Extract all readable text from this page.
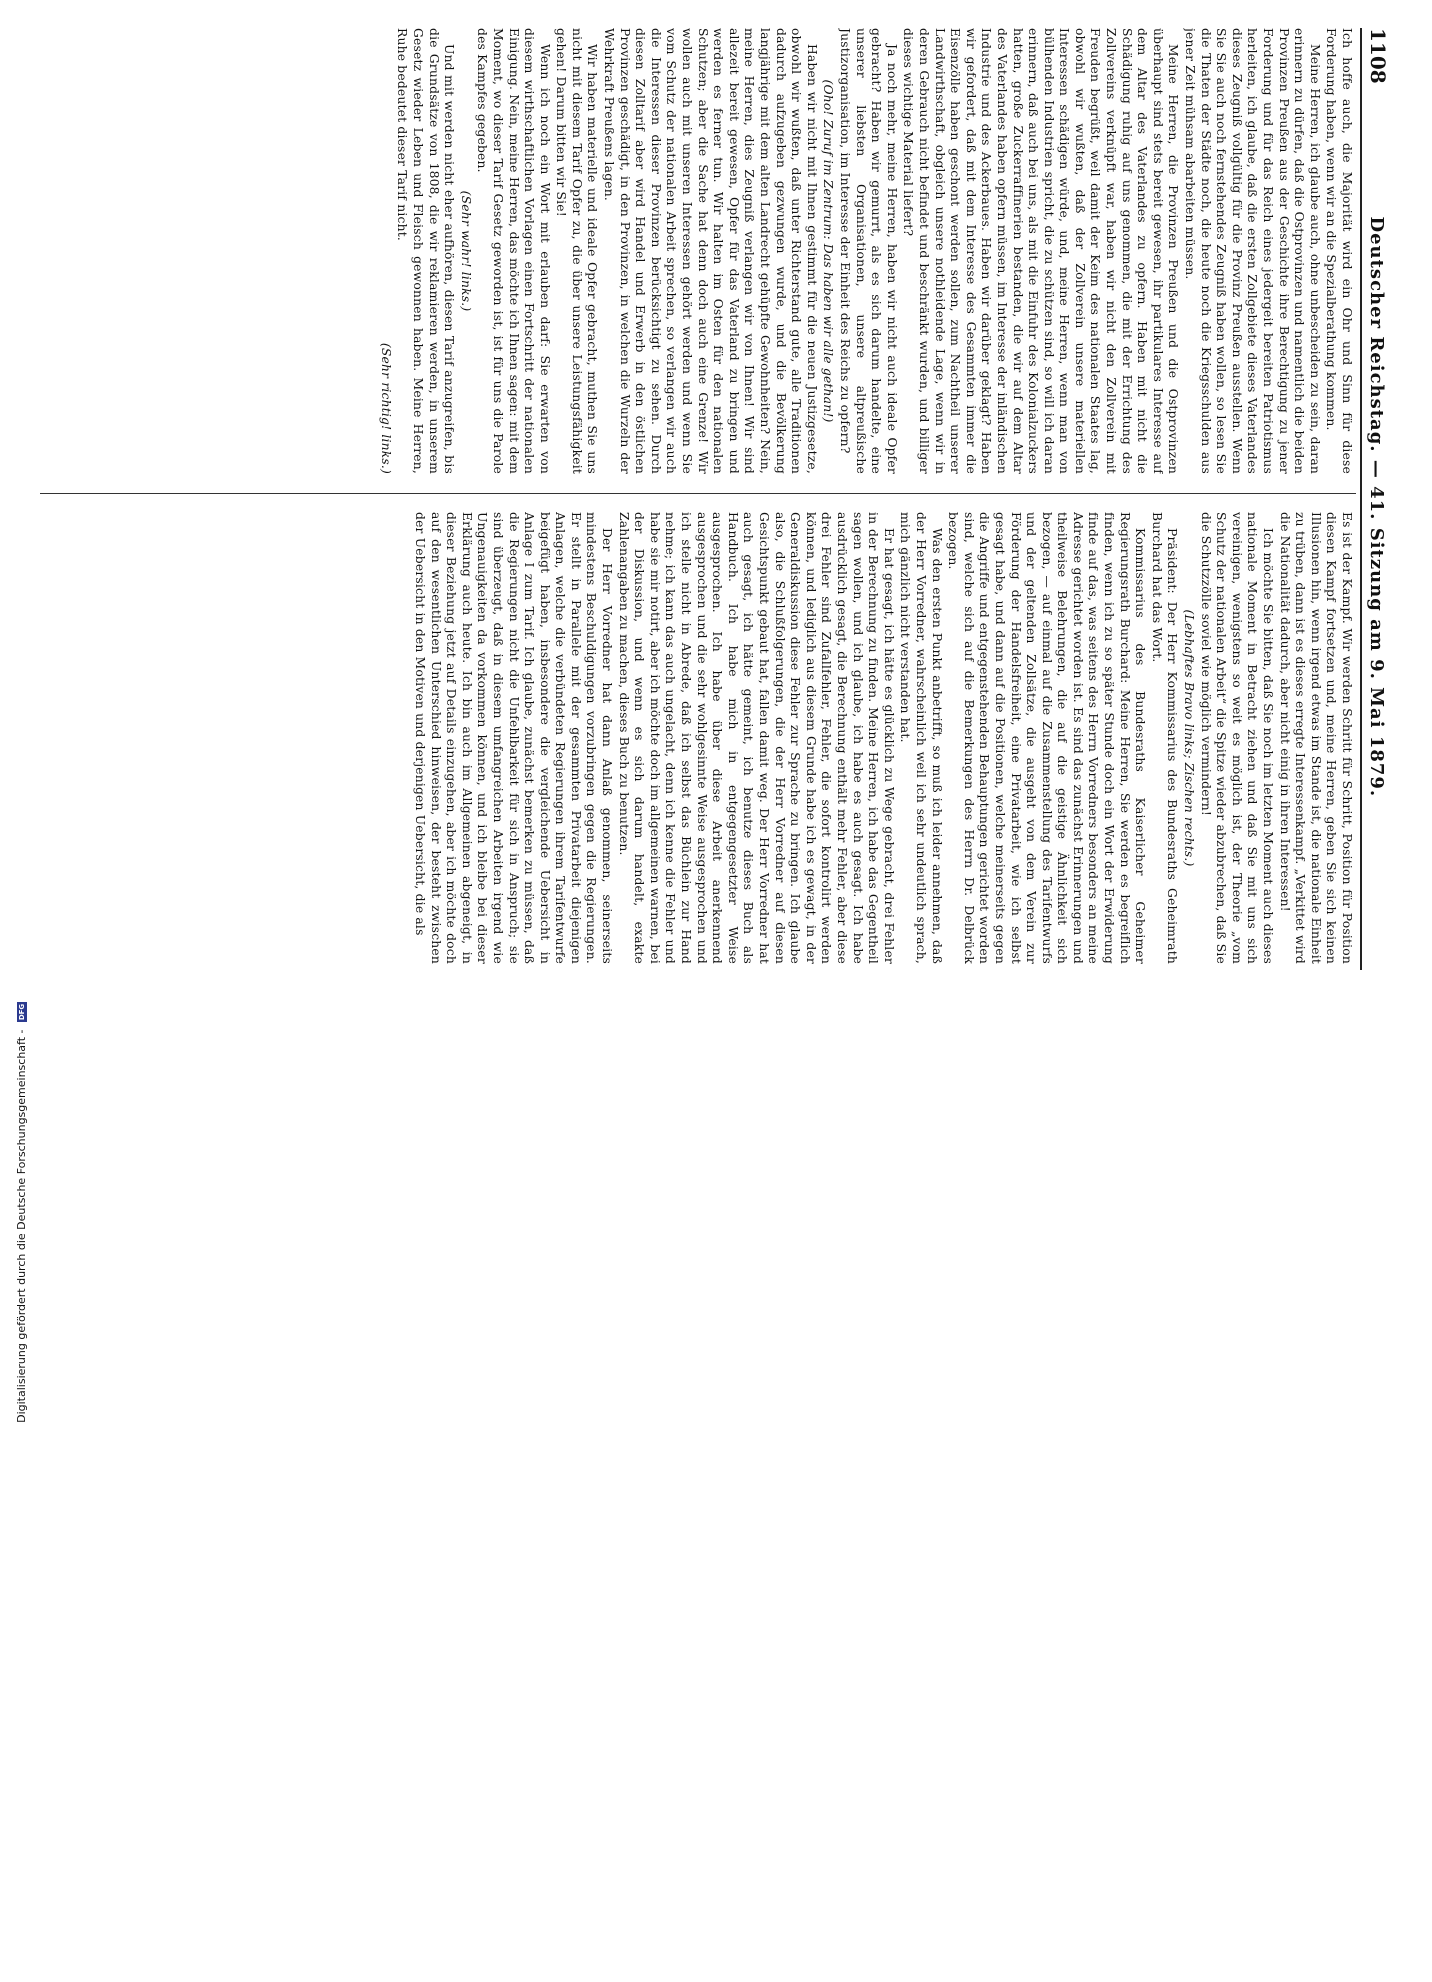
1108
Deutscher Reichstag. — 41. Sitzung am 9. Mai 1879.

Ich hoffe auch, die Majorität wird ein Ohr und Sinn für diese Forderung haben, wenn wir an die Spezialberathung kommen.

Meine Herren, ich glaube auch, ohne unbescheiden zu sein, daran erinnern zu dürfen, daß die Ostprovinzen und namentlich die beiden Provinzen Preußen aus der Geschichte ihre Berechtigung zu jener Forderung und für das Reich eines jedergeit bereiten Patriotismus herleiten, ich glaube, daß die ersten Zollgebiete dieses Vaterlandes dieses Zeugniß vollgültig für die Provinz Preußen ausstellen. Wenn Sie Sie auch noch fernstehendes Zeugniß haben wollen, so lesen Sie die Thaten der Städte noch, die heute noch die Kriegsschulden aus jener Zeit mühsam abarbeiten müssen.

Meine Herren, die Provinzen Preußen und die Ostprovinzen überhaupt sind stets bereit gewesen, ihr partikulares Interesse auf dem Altar des Vaterlandes zu opfern. Haben mit nicht die Schädigung ruhig auf uns genommen, die mit der Errichtung des Zollvereins verknüpft war, haben wir nicht den Zollverein mit Freuden begrüßt, weil damit der Keim des nationalen Staates lag, obwohl wir wußten, daß der Zollverein unsere materiellen Interessen schädigen würde, und, meine Herren, wenn man von bülhenden Industrien spricht, die zu schützen sind, so will ich daran erinnern, daß auch bei uns, als mit die Einfuhr des Kolonialzuckers hatten, große Zuckerraffinerien bestanden, die wir auf dem Altar des Vaterlandes haben opfern müssen, im Interesse der inländischen Industrie und des Ackerbaues. Haben wir darüber geklagt? Haben wir gefordert, daß mit dem Interesse des Gesammten immer die Eisenzölle haben geschont werden sollen, zum Nachtheil unserer Landwirthschaft, obgleich unsere nothleidende Lage, wenn wir in deren Gebrauch nicht befindet und beschränkt wurden, und billiger dieses wichtige Material liefert?

Ja noch mehr, meine Herren, haben wir nicht auch ideale Opfer gebracht? Haben wir gemurrt, als es sich darum handelte, eine unserer liebsten Organisationen, unsere altpreußische Justizorganisation, im Interesse der Einheit des Reichs zu opfern?

(Oho! Zuruf im Zentrum: Das haben wir alle gethan!)

Haben wir nicht mit Ihnen gestimmt für die neuen Justizgesetze, obwohl wir wußten, daß unter Richterstand gute, alle Traditionen dadurch aufzugeben gezwungen wurde, und die Bevölkerung langjährige mit dem alten Landrecht gehüpfte Gewohnheiten? Nein, meine Herren, dies Zeugniß verlangen wir von Ihnen! Wir sind allezeit bereit gewesen, Opfer für das Vaterland zu bringen und werden es ferner tun. Wir halten im Osten für den nationalen Schutzen; aber die Sache hat denn doch auch eine Grenze! Wir wollen auch mit unseren Interessen gehört werden und wenn Sie vom Schutz der nationalen Arbeit sprechen, so verlangen wir auch die Interessen dieser Provinzen berücksichtigt zu sehen. Durch diesen Zolltarif aber wird Handel und Erwerb in den östlichen Provinzen geschädigt, in den Provinzen, in welchen die Wurzeln der Wehrkraft Preußens lagen.

Wir haben materielle und ideale Opfer gebracht, muthen Sie uns nicht mit diesem Tarif Opfer zu, die über unsere Leistungsfähigkeit gehen! Darum bitten wir Sie!

Wenn ich noch ein Wort mit erlauben darf: Sie erwarten von diesem wirthschaftlichen Vorlagen einen Fortschritt der nationalen Einigung. Nein, meine Herren, das möchte ich Ihnen sagen: mit dem Moment, wo dieser Tarif Gesetz geworden ist, ist für uns die Parole des Kampfes gegeben.

(Sehr wahr! links.)

Und mit werden nicht eher aufhören, diesen Tarif anzugreifen, bis die Grundsätze von 1808, die wir reklamieren werden, in unserem Gesetz wieder Leben und Fleisch gewonnen haben. Meine Herren, Ruhe bedeutet dieser Tarif nicht.

(Sehr richtig! links.)

Es ist der Kampf. Wir werden Schritt für Schritt, Position für Position diesen Kampf fortsetzen und, meine Herren, geben Sie sich keinen Illusionen hin, wenn irgend etwas im Stande ist, die nationale Einheit zu trüben, dann ist es dieses erregte Interessenkampf. „Verkittet wird die Nationalität dadurch, aber nicht einig in ihren Interessen!

Ich möchte Sie bitten, daß Sie noch im letzten Moment auch dieses nationale Moment in Betracht ziehen und daß Sie mit uns sich vereinigen, wenigstens so weit es möglich ist, der Theorie „vom Schutz der nationalen Arbeit“ die Spitze wieder abzubrechen, daß Sie die Schutzzölle soviel wie möglich vermindern!

(Lebhaftes Bravo links; Zischen rechts.)

Präsident: Der Herr Kommissarius des Bundesraths Geheimrath Burchard hat das Wort.

Kommissarius des Bundesraths Kaiserlicher Geheimer Regierungsrath Burchard: Meine Herren, Sie werden es begreiflich finden, wenn ich zu so später Stunde doch ein Wort der Erwiderung finde auf das, was seitens des Herrn Vorredners besonders an meine Adresse gerichtet worden ist. Es sind das zunächst Erinnerungen und theilweise Belehrungen, die auf die geistige Ähnlichkeit sich bezogen, — auf einmal auf die Zusammenstellung des Tarifentwurfs und der geltenden Zollsätze, die ausgeht von dem Verein zur Förderung der Handelsfreiheit, eine Privatarbeit, wie ich selbst gesagt habe, und dann auf die Positionen, welche meinerseits gegen die Angriffe und entgegenstehenden Behauptungen gerichtet worden sind, welche sich auf die Bemerkungen des Herrn Dr. Delbrück bezogen.

Was den ersten Punkt anbetrifft, so muß ich leider annehmen, daß der Herr Vorredner, wahrscheinlich weil ich sehr undeutlich sprach, mich gänzlich nicht verstanden hat.

Er hat gesagt, ich hätte es glücklich zu Wege gebracht, drei Fehler in der Berechnung zu finden. Meine Herren, ich habe das Gegentheil sagen wollen, und ich glaube, ich habe es auch gesagt. Ich habe ausdrücklich gesagt, die Berechnung enthält mehr Fehler, aber diese drei Fehler sind Zufallfehler, Fehler, die sofort kontrolirt werden können, und lediglich aus diesem Grunde habe ich es gewagt, in der Generaldiskussion diese Fehler zur Sprache zu bringen. Ich glaube also, die Schlußfolgerungen, die der Herr Vorredner auf diesen Gesichtspunkt gebaut hat, fallen damit weg. Der Herr Vorredner hat auch gesagt, ich hätte gemeint, ich benutze dieses Buch als Handbuch. Ich habe mich in entgegengesetzter Weise ausgesprochen. Ich habe über diese Arbeit anerkennend ausgesprochen und die sehr wohlgesinnte Weise ausgesprochen und ich stelle nicht in Abrede, daß ich selbst das Büchlein zur Hand nehme; ich kann das auch ungelacht, denn ich kenne die Fehler und habe sie mir notirt, aber ich möchte doch im allgemeinen warnen, bei der Diskussion, und wenn es sich darum handelt, exakte Zahlenangaben zu machen, dieses Buch zu benutzen.

Der Herr Vorredner hat dann Anlaß genommen, seinerseits mindestens Beschuldigungen vorzubringen gegen die Regierungen. Er stellt in Parallele mit der gesammten Privatarbeit diejenigen Anlagen, welche die verbündeten Regierungen ihrem Tarifentwurfe beigefügt haben, insbesondere die vergleichende Uebersicht in Anlage I zum Tarif. Ich glaube, zunächst bemerken zu müssen, daß die Regierungen nicht die Unfehlbarkeit für sich in Anspruch; sie sind überzeugt, daß in diesem umfangreichen Arbeiten irgend wie Ungenauigkeiten da vorkommen können, und ich bleibe bei dieser Erklärung auch heute. Ich bin auch im Allgemeinen abgeneigt, in dieser Beziehung jetzt auf Details einzugehen, aber ich möchte doch auf den wesentlichen Unterschied hinweisen, der besteht zwischen der Uebersicht in den Motiven und derjenigen Uebersicht, die als

Digitalisierung gefördert durch die Deutsche Forschungsgemeinschaft - DFG
